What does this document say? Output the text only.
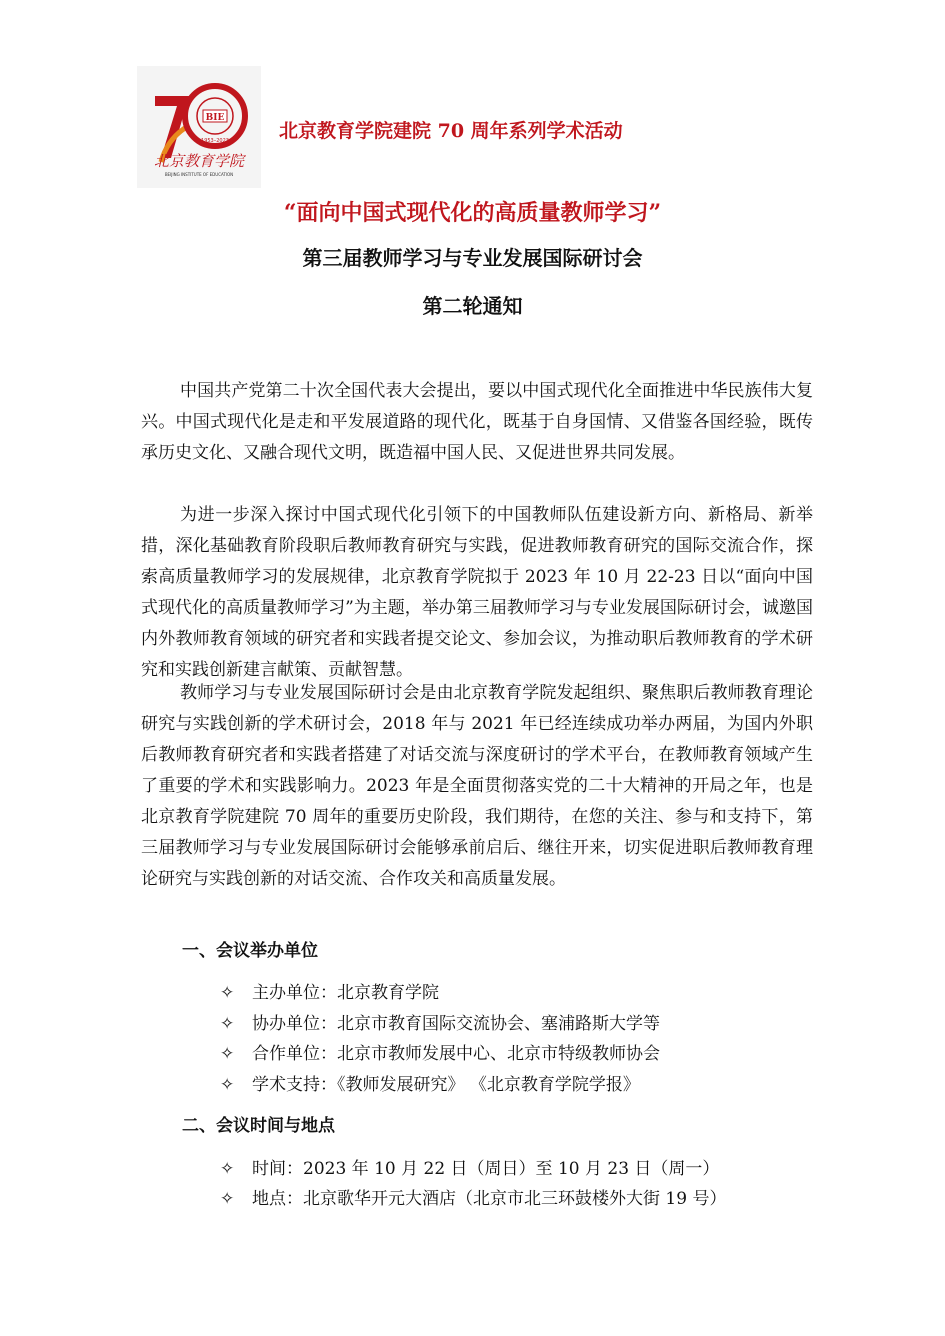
BIE
1953–2023
北京教育学院
BEIJING INSTITUTE OF EDUCATION
北京教育学院建院 70 周年系列学术活动
“面向中国式现代化的高质量教师学习”
第三届教师学习与专业发展国际研讨会
第二轮通知

中国共产党第二十次全国代表大会提出，要以中国式现代化全面推进中华民族伟大复兴。中国式现代化是走和平发展道路的现代化，既基于自身国情、又借鉴各国经验，既传承历史文化、又融合现代文明，既造福中国人民、又促进世界共同发展。

为进一步深入探讨中国式现代化引领下的中国教师队伍建设新方向、新格局、新举措，深化基础教育阶段职后教师教育研究与实践，促进教师教育研究的国际交流合作，探索高质量教师学习的发展规律，北京教育学院拟于 2023 年 10 月 22-23 日以“面向中国式现代化的高质量教师学习”为主题，举办第三届教师学习与专业发展国际研讨会，诚邀国内外教师教育领域的研究者和实践者提交论文、参加会议，为推动职后教师教育的学术研究和实践创新建言献策、贡献智慧。

教师学习与专业发展国际研讨会是由北京教育学院发起组织、聚焦职后教师教育理论研究与实践创新的学术研讨会，2018 年与 2021 年已经连续成功举办两届，为国内外职后教师教育研究者和实践者搭建了对话交流与深度研讨的学术平台，在教师教育领域产生了重要的学术和实践影响力。2023 年是全面贯彻落实党的二十大精神的开局之年，也是北京教育学院建院 70 周年的重要历史阶段，我们期待，在您的关注、参与和支持下，第三届教师学习与专业发展国际研讨会能够承前启后、继往开来，切实促进职后教师教育理论研究与实践创新的对话交流、合作攻关和高质量发展。

一、会议举办单位
✧ 主办单位：北京教育学院
✧ 协办单位：北京市教育国际交流协会、塞浦路斯大学等
✧ 合作单位：北京市教师发展中心、北京市特级教师协会
✧ 学术支持：《教师发展研究》 《北京教育学院学报》
二、会议时间与地点
✧ 时间：2023 年 10 月 22 日（周日）至 10 月 23 日（周一）
✧ 地点：北京歌华开元大酒店（北京市北三环鼓楼外大街 19 号）
